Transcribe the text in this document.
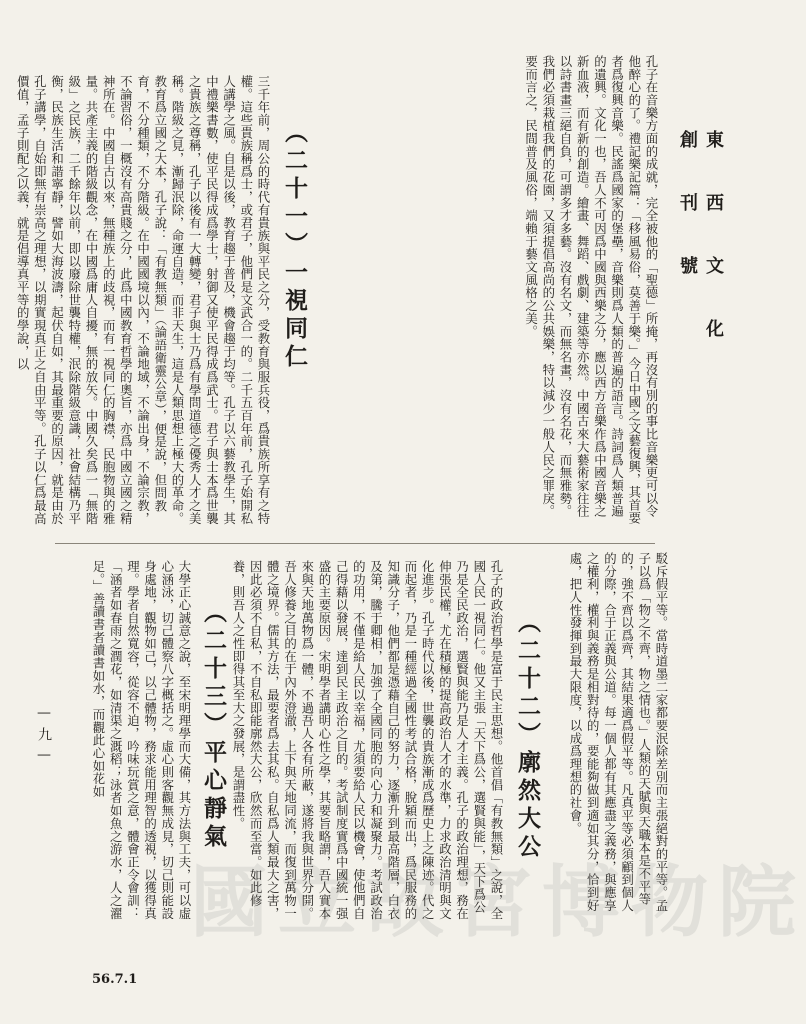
東 西 文 化 創 刊 號
孔子在音樂方面的成就，完全被他的「聖德」所掩，再沒有別的事比音樂更可以令他醉心的了。禮記樂記篇：「移風易俗，莫善于樂。」今日中國之文藝復興，其首要者爲復興音樂。民謠爲國家的堡壘，音樂則爲人類的普遍的語言。詩詞爲人類普遍的遺興。文化一也，吾人不可因爲中國與西樂之分，應以西方音樂作爲中國音樂之新血液，而有新的創造。繪畫、舞蹈、戲劇、建築等亦然。中國古來大藝術家往往以詩書畫三絕自負，可謂多才多藝。沒有名文，而無名畫，沒有名花，而無雅勢。我們必須栽植我們的花園，又須提倡高尚的公共娛樂，特以減少一般人民之罪戾。要而言之，民間普及風俗，端賴于藝文風格之美。
（二十一）一視同仁
三千年前，周公的時代有貴族與平民之分，受教育與服兵役，爲貴族所享有之特權。這些貴族稱爲士，或君子，他們是文武合一的。二千五百年前，孔子始開私人講學之風。自是以後，教育趨于普及，機會趨于均等。孔子以六藝教學生，其中禮樂書數，使平民得成爲學士，射御又使平民得成爲武士。君子與士本爲世襲之貴族之尊稱，孔子以後有一大轉變，君子與士乃爲有學問道德之優秀人才之美稱。階級之見，漸歸泯除，命運自造，而非天生，這是人類思想上極大的革命。教育爲立國之大本，孔子說：「有教無類」（論語衛靈公章），便是說，但問教育，不分種類，不分階級。在中國國境以內，不論地域，不論出身，不論宗教，不論習俗，一概沒有高貴賤之分，此爲中國教育哲學的奧旨，亦爲中國立國之精神所在。中國自古以來，無種族上的歧視，而有一視同仁的胸襟，民胞物與的雅量。共產主義的階級觀念，在中國爲庸人自擾，無的放矢。中國久矣爲一「無階級」之民族，二千餘年以前，即以廢除世襲特權，泯除階級意識，社會結構乃平衡，民族生活和諧寧靜，譬如大海波濤，起伏自如，其最重要的原因，就是由於孔子講學，自始即無有崇高之理想，以期實現真正之自由平等。孔子以仁爲最高價值，孟子則配之以義，就是倡導真平等的學說，以
駁斥假平等。當時道墨二家都要泯除差別而主張絕對的平等。孟子以爲「物之不齊，物之情也。」人類的天賦與天職本是不平等的，強不齊以爲齊，其結果適爲假平等。凡真平等必須顧到個人的分際，合于正義與公道。每一個人都有其應盡之義務，與應享之權利，權利與義務是相對待的，要能夠做到適如其分，恰到好處，把人性發揮到最大限度，以成爲理想的社會。
（二十二）廓然大公
孔子的政治哲學是富于民主思想。他首倡「有教無類」之說，全國人民一視同仁。他又主張「天下爲公，選賢與能」，天下爲公乃是全民政治，選賢與能乃是人才主義。孔子的政治理想，務在伸張民權，尤在積極的提高政治人才的水準，力求政治清明與文化進步。孔子時代以後，世襲的貴族漸成爲歷史上之陳迹。代之而起者，乃是一種經過全國性考試合格，脫穎而出，爲民服務的知識分子，他們都是憑藉自己的努力，逐漸升到最高階層，白衣及第，騰于卿相，加強了全國同胞的向心力和凝聚力。考試政治的功用，不僅是給人民以幸福，尤須要給人民以機會，使他們自己得藉以發展，達到民主政治之目的。考試制度實爲中國統一强盛的主要原因。宋明學者講明心性之學，其要旨略謂，吾人實本來與天地萬物爲一體，不過吾人各有所蔽，遂將我與世界分開。吾人修養之目的在于內外澄澈，上下與天地同流，而復到萬物一體之境界。儒其方法，最要者爲去其私。自私爲人類最大之害，因此必須不自私，不自私即能廓然大公，欣然而至當。如此修養，則吾人之性即得其至大之發展，是謂盡性。
（二十三）平心靜氣
大學正心誠意之說，至宋明理學而大備，其方法與工夫，可以虛心涵泳，切己體察八字概括之。虛心則客觀無成見，切己則能設身處地，觀物如己，以己體物，務求能用理智的透視，以獲得真理。學者自然寬容，從容不迫，吟味玩賞之意，體會正令會訓：「涵者如春雨之潤花，如清渠之溉稻；泳者如魚之游水，人之濯足。」善讀書者讀書如水，而觀此心如花如
—九—
國立故宮博物院
56.7.1
